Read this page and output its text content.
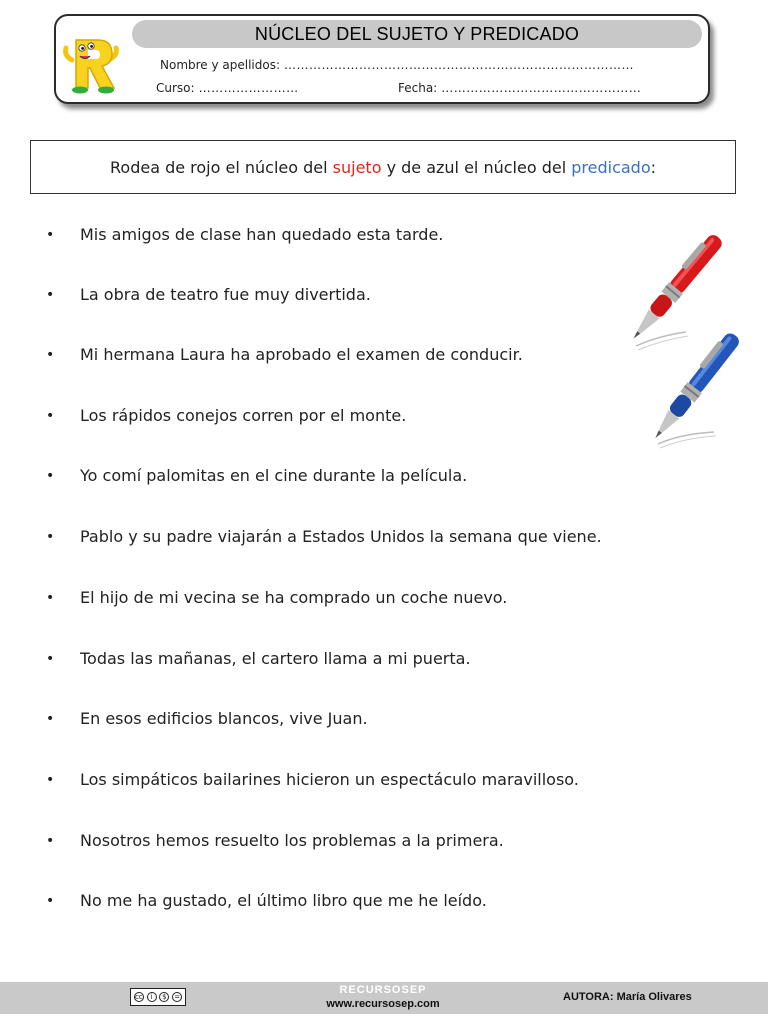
NÚCLEO DEL SUJETO Y PREDICADO
Nombre y apellidos: …………………………………………………………………………
Curso: ……………………	Fecha: …………………………………………
Rodea de rojo el núcleo del sujeto y de azul el núcleo del predicado :
•	Mis amigos de clase han quedado esta tarde.
•	La obra de teatro fue muy divertida.
•	Mi hermana Laura ha aprobado el examen de conducir.
•	Los rápidos conejos corren por el monte.
•	Yo comí palomitas en el cine durante la película.
•	Pablo y su padre viajarán a Estados Unidos la semana que viene.
•	El hijo de mi vecina se ha comprado un coche nuevo.
•	Todas las mañanas, el cartero llama a mi puerta.
•	En esos edificios blancos, vive Juan.
•	Los simpáticos bailarines hicieron un espectáculo maravilloso.
•	Nosotros hemos resuelto los problemas a la primera.
•	No me ha gustado, el último libro que me he leído.
cc	i	$	=
RECURSOSEP
www.recursosep.com
AUTORA: María Olivares
